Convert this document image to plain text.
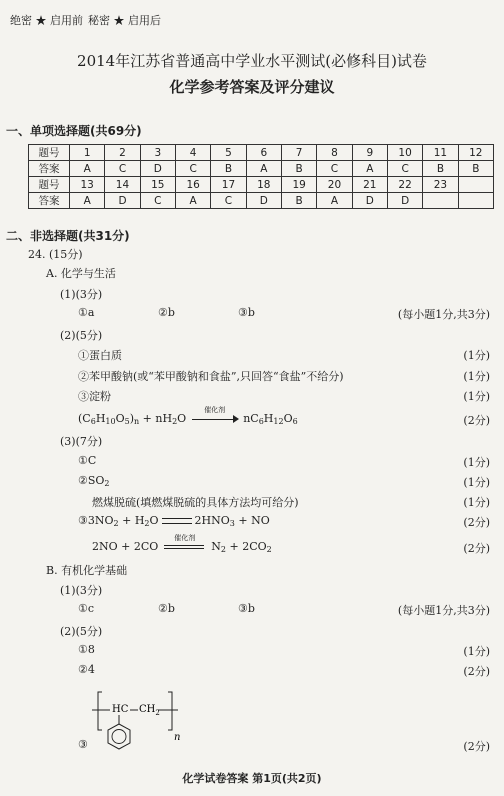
绝密 ★ 启用前 秘密 ★ 启用后
2014年江苏省普通高中学业水平测试(必修科目)试卷
化学参考答案及评分建议
一、单项选择题(共69分)
题号	1	2	3	4	5	6	7	8	9	10	11	12
答案	A	C	D	C	B	A	B	C	A	C	B	B
题号	13	14	15	16	17	18	19	20	21	22	23	
答案	A	D	C	A	C	D	B	A	D	D		
二、非选择题(共31分)
24. (15分)
A. 化学与生活
(1)(3分)
①a	②b	③b	(每小题1分,共3分)
(2)(5分)
①蛋白质	(1分)
②苯甲酸钠(或“苯甲酸钠和食盐”,只回答“食盐”不给分)	(1分)
③淀粉	(1分)
$(C_6H_{10}O_5)_n + nH_2O$
催化剂
$nC_6H_{12}O_6$	(2分)
(3)(7分)
①C	(1分)
$②SO_2$	(1分)
燃煤脱硫(填燃煤脱硫的具体方法均可给分)	(1分)
$③3NO_2 + H_2O$	$2HNO_3$ + NO	(2分)
2NO + 2CO
催化剂
$N_2 + 2CO_2$	(2分)
B. 有机化学基础
(1)(3分)
①c	②b	③b	(每小题1分,共3分)
(2)(5分)
①8	(1分)
②4	(2分)
③	(2分)
HC $CH_2$
n
化学试卷答案 第1页(共2页)
